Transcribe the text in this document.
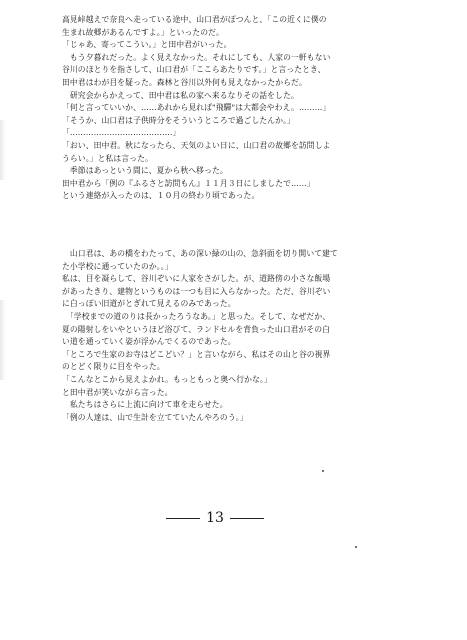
高見峠越えで奈良へ走っている途中、山口君がぽつんと、「この近くに僕の
生まれ故郷があるんですよ。」といったのだ。
「じゃあ、寄ってこうい。」と田中君がいった。
　もう夕暮れだった。よく見えなかった。それにしても、人家の一軒もない
谷川のほとりを指さして、山口君が「ここらあたりです。」と言ったとき、
田中君はわが目を疑った。森林と谷川以外何も見えなかったからだ。
　研究会からかえって、田中君は私の家へ来るなりその話をした。
「何と言っていいか、……あれから見れば"飛驒"は大都会やわえ。………」
「そうか、山口君は子供時分をそういうところで過ごしたんか。」
「…………………………………」
「おい、田中君。秋になったら、天気のよい日に、山口君の故郷を訪問しよ
うらい。」と私は言った。
　季節はあっという間に、夏から秋へ移った。
田中君から「例の『ふるさと訪問もん』１１月３日にしましたで……」
という連絡が入ったのは、１０月の終わり頃であった。
　山口君は、あの橋をわたって、あの深い緑の山の、急斜面を切り開いて建て
た小学校に通っていたのか。。」
私は、目を凝らして、谷川ぞいに人家をさがした。が、道路傍の小さな飯場
があったきり、建物というものは一つも目に入らなかった。ただ、谷川ぞい
に白っぽい旧道がとぎれて見えるのみであった。
　「学校までの道のりは長かったろうなあ。」と思った。そして、なぜだか、
夏の陽射しをいやというほど浴びて、ランドセルを背負った山口君がその白
い道を通っていく姿が浮かんでくるのであった。
「ところで生家のお寺はどこどい？」と言いながら、私はその山と谷の視界
のとどく限りに目をやった。
「こんなとこから見えよかれ。もっともっと奥へ行かな。」
と田中君が笑いながら言った。
　私たちはさらに上流に向けて車を走らせた。
「例の人達は、山で生計を立てていたんやろのう。」
13
